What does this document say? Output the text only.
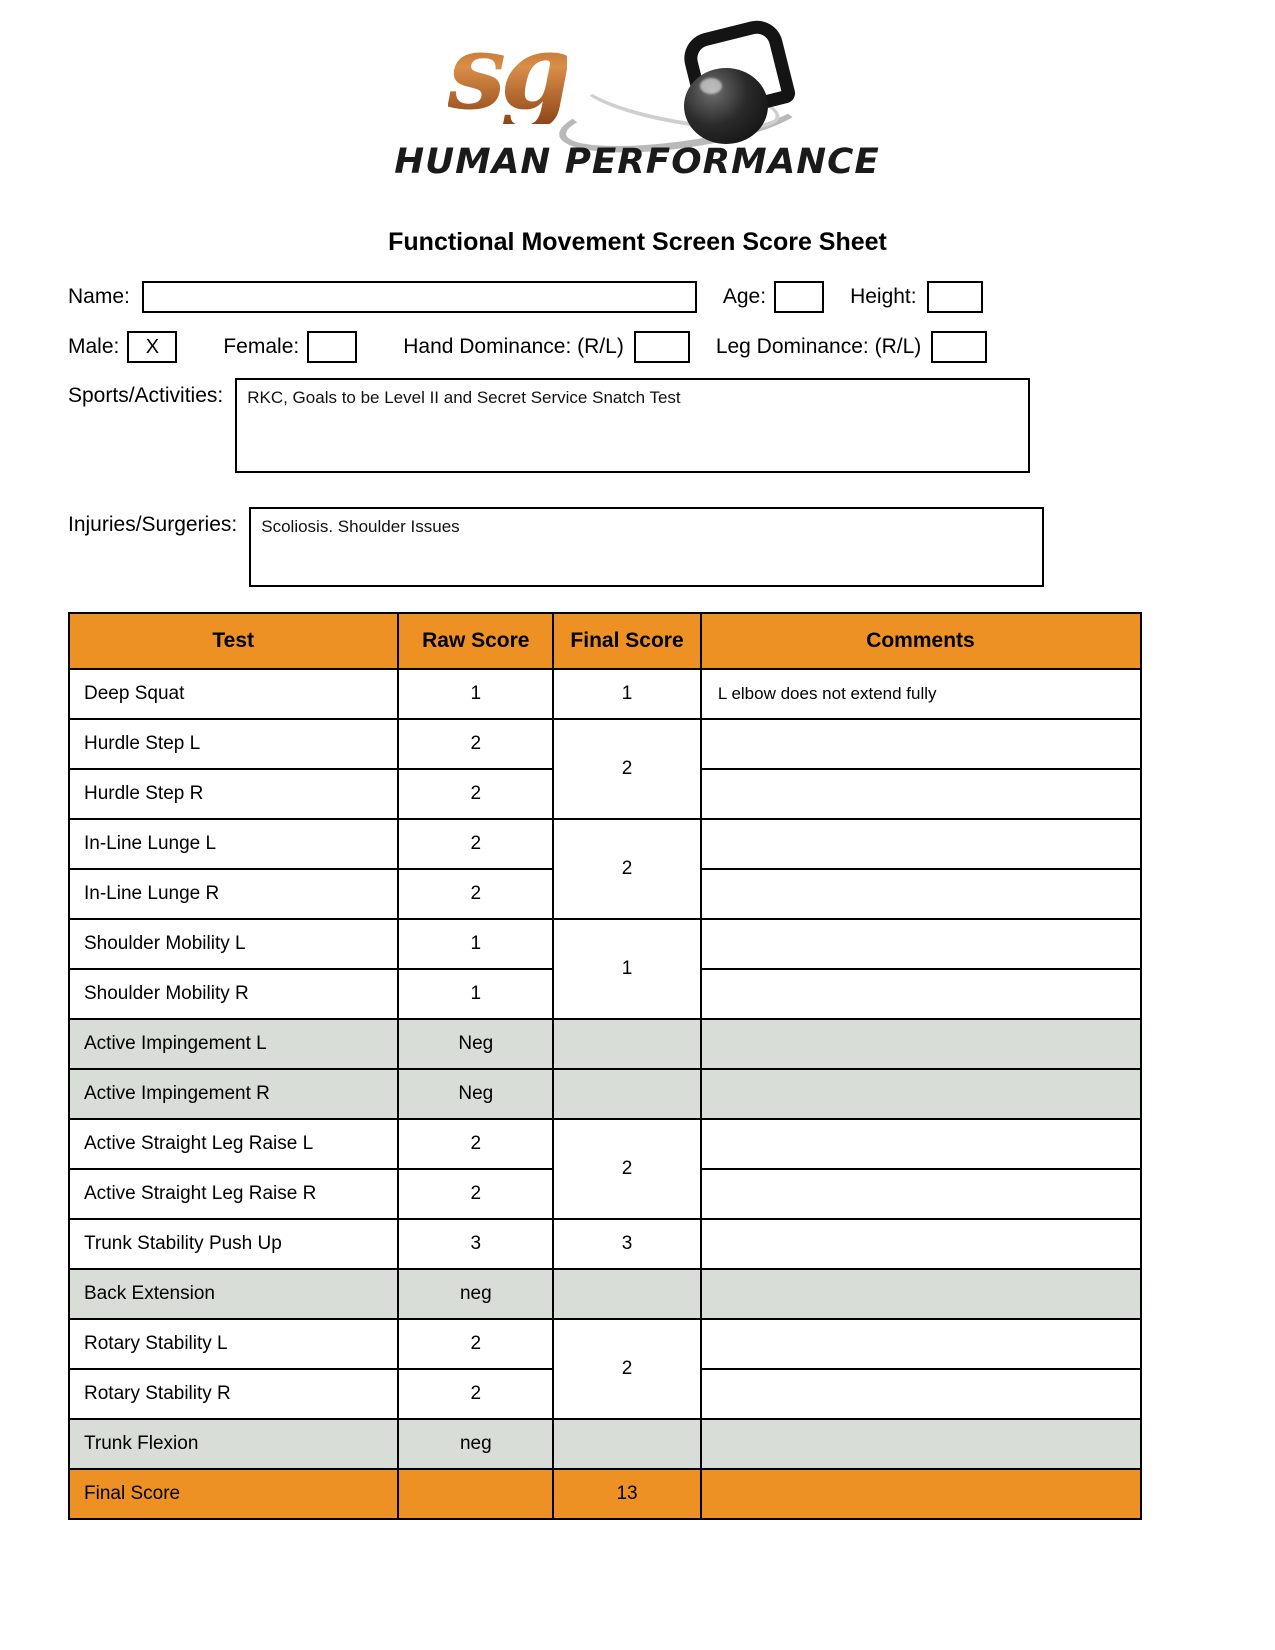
sg
HUMAN PERFORMANCE
Functional Movement Screen Score Sheet
Name:	Age:	Height:
Male:	X	Female:	Hand Dominance: (R/L)	Leg Dominance: (R/L)
Sports/Activities:	RKC, Goals to be Level II and Secret Service Snatch Test
Injuries/Surgeries:	Scoliosis. Shoulder Issues
Test	Raw Score	Final Score	Comments
Deep Squat	1	1	L elbow does not extend fully
Hurdle Step L	2	2	
Hurdle Step R	2		
In-Line Lunge L	2	2	
In-Line Lunge R	2		
Shoulder Mobility L	1	1	
Shoulder Mobility R	1		
Active Impingement L	Neg		
Active Impingement R	Neg		
Active Straight Leg Raise L	2	2	
Active Straight Leg Raise R	2		
Trunk Stability Push Up	3	3	
Back Extension	neg		
Rotary Stability L	2	2	
Rotary Stability R	2		
Trunk Flexion	neg		
Final Score		13	
